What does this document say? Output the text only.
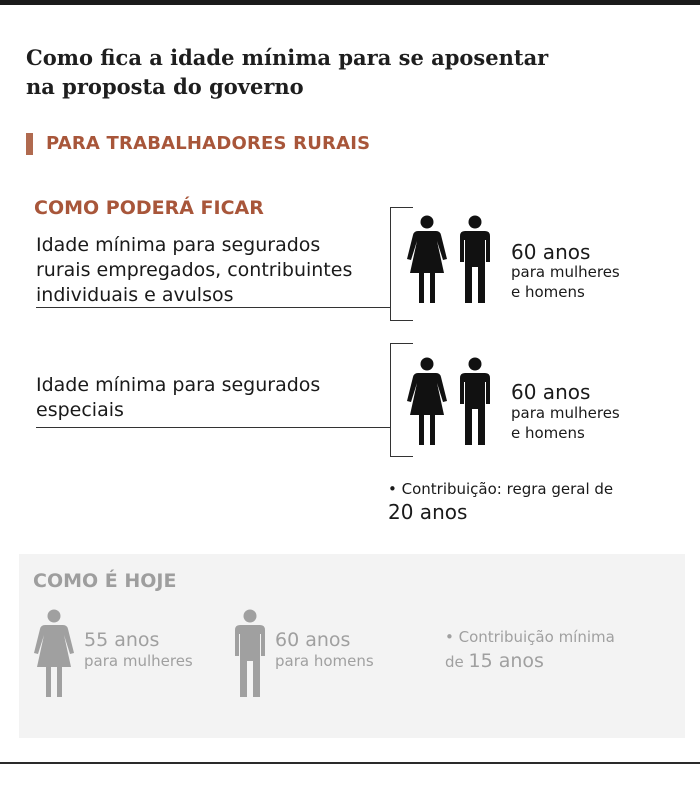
Como fica a idade mínima para se aposentar
na proposta do governo
PARA TRABALHADORES RURAIS
COMO PODERÁ FICAR
Idade mínima para segurados
rurais empregados, contribuintes
individuais e avulsos
60 anos
para mulheres
e homens
Idade mínima para segurados
especiais
60 anos
para mulheres
e homens
• Contribuição: regra geral de
20 anos
COMO É HOJE
55 anos
para mulheres
60 anos
para homens
• Contribuição mínima
de 15 anos
